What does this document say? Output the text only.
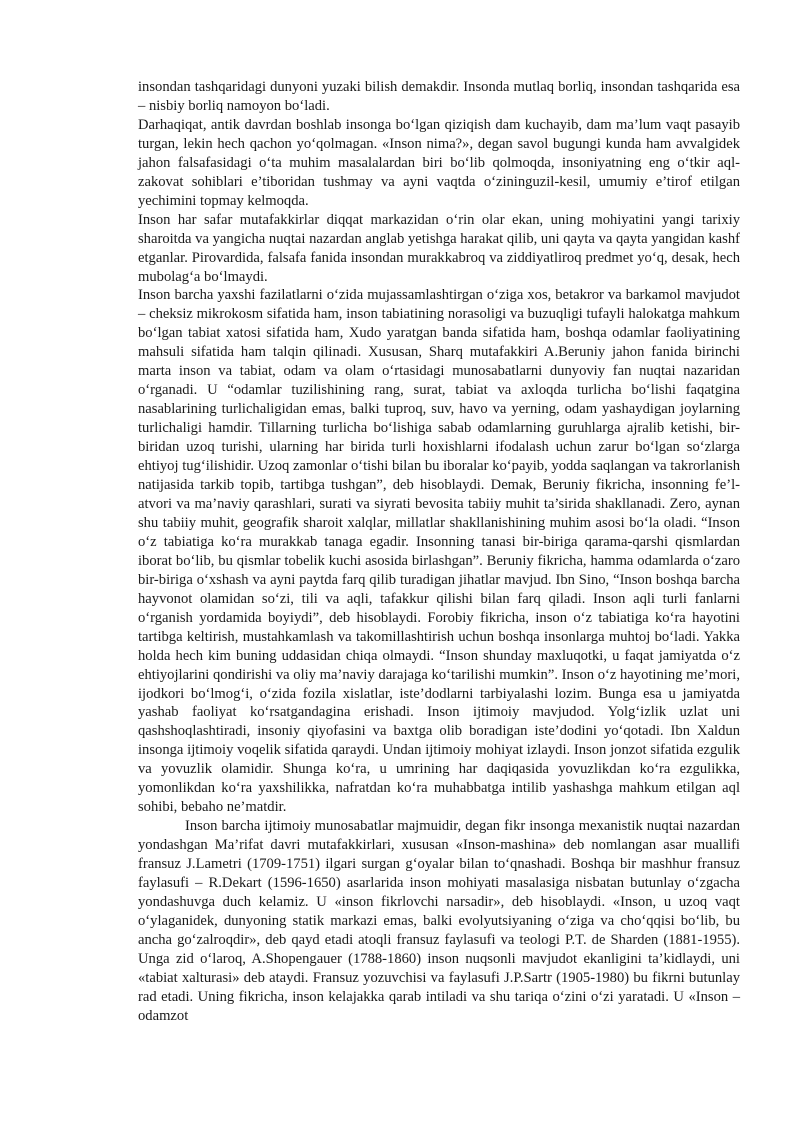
insondan tashqaridagi dunyoni yuzaki bilish demakdir. Insonda mutlaq borliq, insondan tashqarida esa – nisbiy borliq namoyon bo‘ladi.

Darhaqiqat, antik davrdan boshlab insonga bo‘lgan qiziqish dam kuchayib, dam ma’lum vaqt pasayib turgan, lekin hech qachon yo‘qolmagan. «Inson nima?», degan savol bugungi kunda ham avvalgidek jahon falsafasidagi o‘ta muhim masalalardan biri bo‘lib qolmoqda, insoniyatning eng o‘tkir aql-zakovat sohiblari e’tiboridan tushmay va ayni vaqtda o‘zininguzil-kesil, umumiy e’tirof etilgan yechimini topmay kelmoqda.

Inson har safar mutafakkirlar diqqat markazidan o‘rin olar ekan, uning mohiyatini yangi tarixiy sharoitda va yangicha nuqtai nazardan anglab yetishga harakat qilib, uni qayta va qayta yangidan kashf etganlar. Pirovardida, falsafa fanida insondan murakkabroq va ziddiyatliroq predmet yo‘q, desak, hech mubolag‘a bo‘lmaydi.

Inson barcha yaxshi fazilatlarni o‘zida mujassamlashtirgan o‘ziga xos, betakror va barkamol mavjudot – cheksiz mikrokosm sifatida ham, inson tabiatining norasoligi va buzuqligi tufayli halokatga mahkum bo‘lgan tabiat xatosi sifatida ham, Xudo yaratgan banda sifatida ham, boshqa odamlar faoliyatining mahsuli sifatida ham talqin qilinadi. Xususan, Sharq mutafakkiri A.Beruniy jahon fanida birinchi marta inson va tabiat, odam va olam o‘rtasidagi munosabatlarni dunyoviy fan nuqtai nazaridan o‘rganadi. U “odamlar tuzilishining rang, surat, tabiat va axloqda turlicha bo‘lishi faqatgina nasablarining turlichaligidan emas, balki tuproq, suv, havo va yerning, odam yashaydigan joylarning turlichaligi hamdir. Tillarning turlicha bo‘lishiga sabab odamlarning guruhlarga ajralib ketishi, bir-biridan uzoq turishi, ularning har birida turli hoxishlarni ifodalash uchun zarur bo‘lgan so‘zlarga ehtiyoj tug‘ilishidir. Uzoq zamonlar o‘tishi bilan bu iboralar ko‘payib, yodda saqlangan va takrorlanish natijasida tarkib topib, tartibga tushgan”, deb hisoblaydi. Demak, Beruniy fikricha, insonning fe’l-atvori va ma’naviy qarashlari, surati va siyrati bevosita tabiiy muhit ta’sirida shakllanadi. Zero, aynan shu tabiiy muhit, geografik sharoit xalqlar, millatlar shakllanishining muhim asosi bo‘la oladi. “Inson o‘z tabiatiga ko‘ra murakkab tanaga egadir. Insonning tanasi bir-biriga qarama-qarshi qismlardan iborat bo‘lib, bu qismlar tobelik kuchi asosida birlashgan”. Beruniy fikricha, hamma odamlarda o‘zaro bir-biriga o‘xshash va ayni paytda farq qilib turadigan jihatlar mavjud. Ibn Sino, “Inson boshqa barcha hayvonot olamidan so‘zi, tili va aqli, tafakkur qilishi bilan farq qiladi. Inson aqli turli fanlarni o‘rganish yordamida boyiydi”, deb hisoblaydi. Forobiy fikricha, inson o‘z tabiatiga ko‘ra hayotini tartibga keltirish, mustahkamlash va takomillashtirish uchun boshqa insonlarga muhtoj bo‘ladi. Yakka holda hech kim buning uddasidan chiqa olmaydi. “Inson shunday maxluqotki, u faqat jamiyatda o‘z ehtiyojlarini qondirishi va oliy ma’naviy darajaga ko‘tarilishi mumkin”. Inson o‘z hayotining me’mori, ijodkori bo‘lmog‘i, o‘zida fozila xislatlar, iste’dodlarni tarbiyalashi lozim. Bunga esa u jamiyatda yashab faoliyat ko‘rsatgandagina erishadi. Inson ijtimoiy mavjudod. Yolg‘izlik uzlat uni qashshoqlashtiradi, insoniy qiyofasini va baxtga olib boradigan iste’dodini yo‘qotadi. Ibn Xaldun insonga ijtimoiy voqelik sifatida qaraydi. Undan ijtimoiy mohiyat izlaydi. Inson jonzot sifatida ezgulik va yovuzlik olamidir. Shunga ko‘ra, u umrining har daqiqasida yovuzlikdan ko‘ra ezgulikka, yomonlikdan ko‘ra yaxshilikka, nafratdan ko‘ra muhabbatga intilib yashashga mahkum etilgan aql sohibi, bebaho ne’matdir.

Inson barcha ijtimoiy munosabatlar majmuidir, degan fikr insonga mexanistik nuqtai nazardan yondashgan Ma’rifat davri mutafakkirlari, xususan «Inson-mashina» deb nomlangan asar muallifi fransuz J.Lametri (1709-1751) ilgari surgan g‘oyalar bilan to‘qnashadi. Boshqa bir mashhur fransuz faylasufi – R.Dekart (1596-1650) asarlarida inson mohiyati masalasiga nisbatan butunlay o‘zgacha yondashuvga duch kelamiz. U «inson fikrlovchi narsadir», deb hisoblaydi. «Inson, u uzoq vaqt o‘ylaganidek, dunyoning statik markazi emas, balki evolyutsiyaning o‘ziga va cho‘qqisi bo‘lib, bu ancha go‘zalroqdir», deb qayd etadi atoqli fransuz faylasufi va teologi P.T. de Sharden (1881-1955). Unga zid o‘laroq, A.Shopengauer (1788-1860) inson nuqsonli mavjudot ekanligini ta’kidlaydi, uni «tabiat xalturasi» deb ataydi. Fransuz yozuvchisi va faylasufi J.P.Sartr (1905-1980) bu fikrni butunlay rad etadi. Uning fikricha, inson kelajakka qarab intiladi va shu tariqa o‘zini o‘zi yaratadi. U «Inson – odamzot
